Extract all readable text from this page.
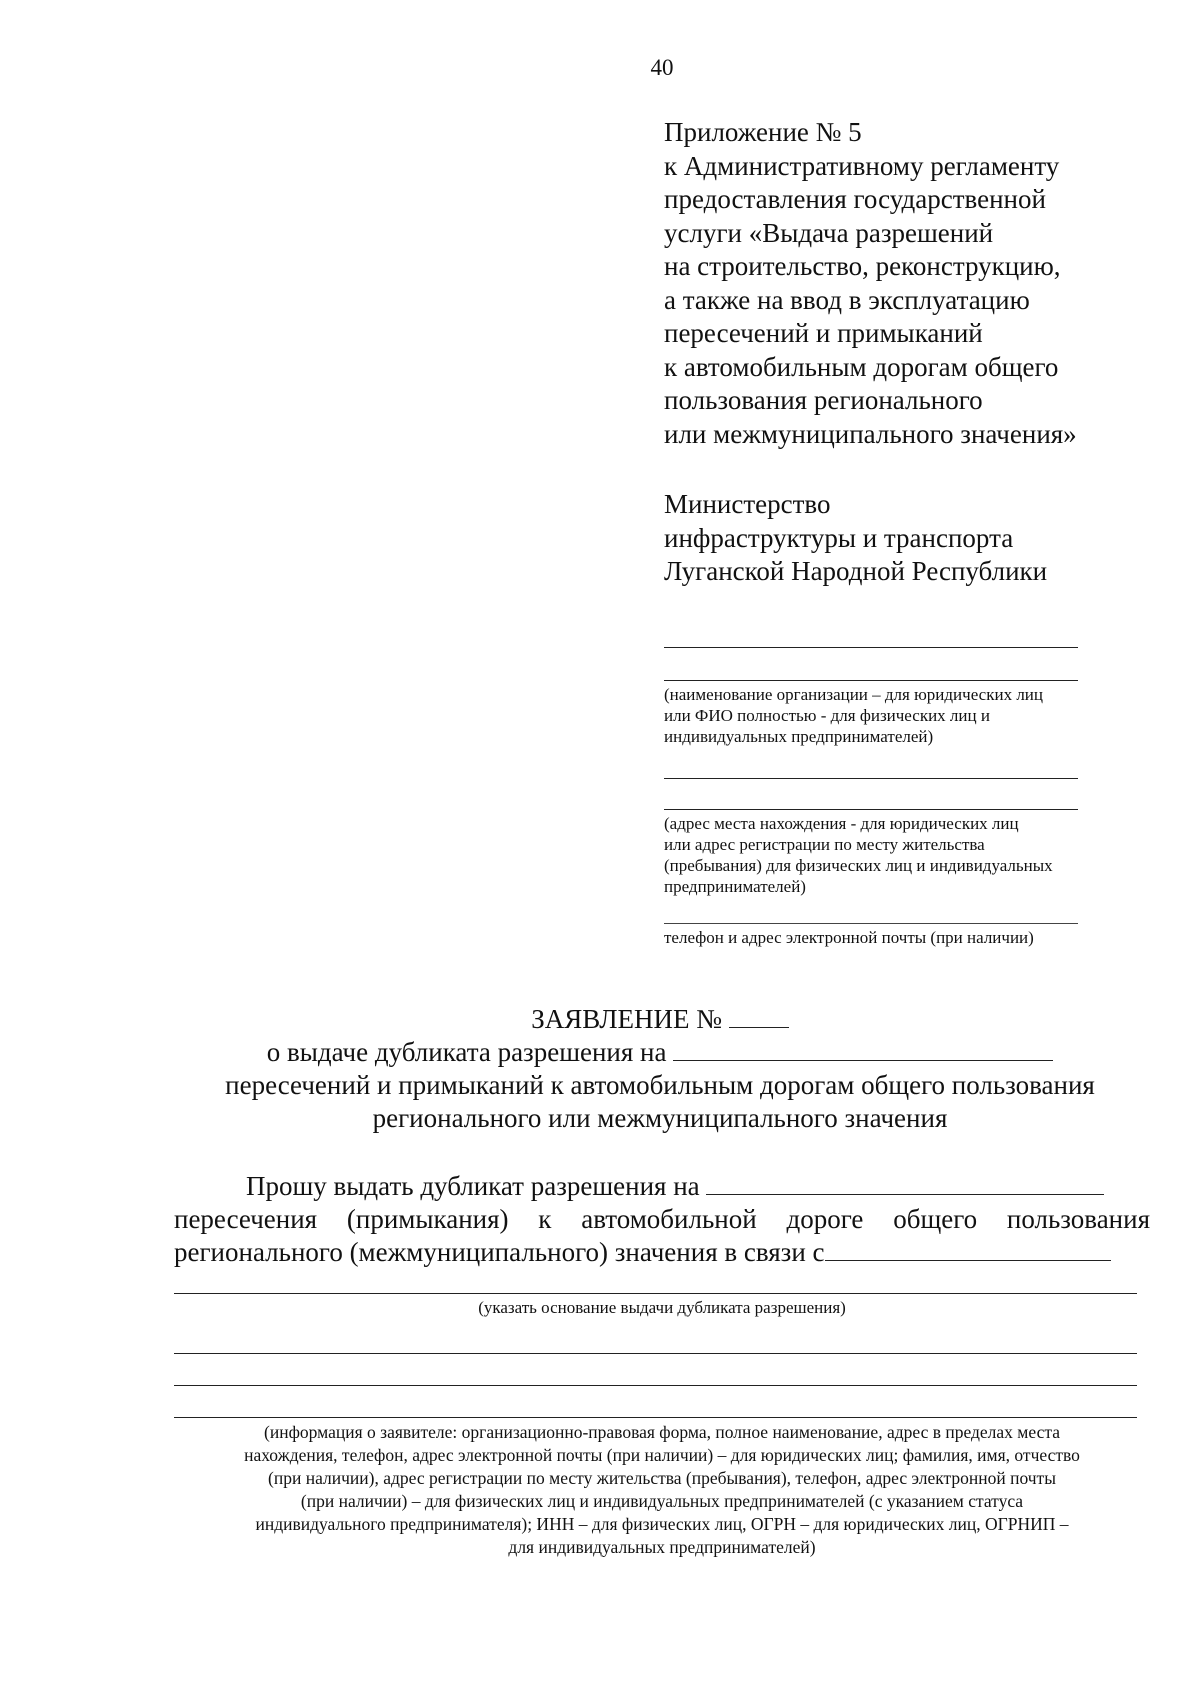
40
Приложение № 5
к Административному регламенту
предоставления государственной
услуги «Выдача разрешений
на строительство, реконструкцию,
а также на ввод в эксплуатацию
пересечений и примыканий
к автомобильным дорогам общего
пользования регионального
или межмуниципального значения»
Министерство
инфраструктуры и транспорта
Луганской Народной Республики
(наименование организации – для юридических лиц
или ФИО полностью - для физических лиц и
индивидуальных предпринимателей)
(адрес места нахождения - для юридических лиц
или адрес регистрации по месту жительства
(пребывания) для физических лиц и индивидуальных
предпринимателей)
телефон и адрес электронной почты (при наличии)
ЗАЯВЛЕНИЕ №
о выдаче дубликата разрешения на
пересечений и примыканий к автомобильным дорогам общего пользования
регионального или межмуниципального значения
Прошу выдать дубликат разрешения на
пересечения (примыкания) к автомобильной дороге общего пользования
регионального (межмуниципального) значения в связи с
(указать основание выдачи дубликата разрешения)
(информация о заявителе: организационно-правовая форма, полное наименование, адрес в пределах места
нахождения, телефон, адрес электронной почты (при наличии) – для юридических лиц; фамилия, имя, отчество
(при наличии), адрес регистрации по месту жительства (пребывания), телефон, адрес электронной почты
(при наличии) – для физических лиц и индивидуальных предпринимателей (с указанием статуса
индивидуального предпринимателя); ИНН – для физических лиц, ОГРН – для юридических лиц, ОГРНИП –
для индивидуальных предпринимателей)
